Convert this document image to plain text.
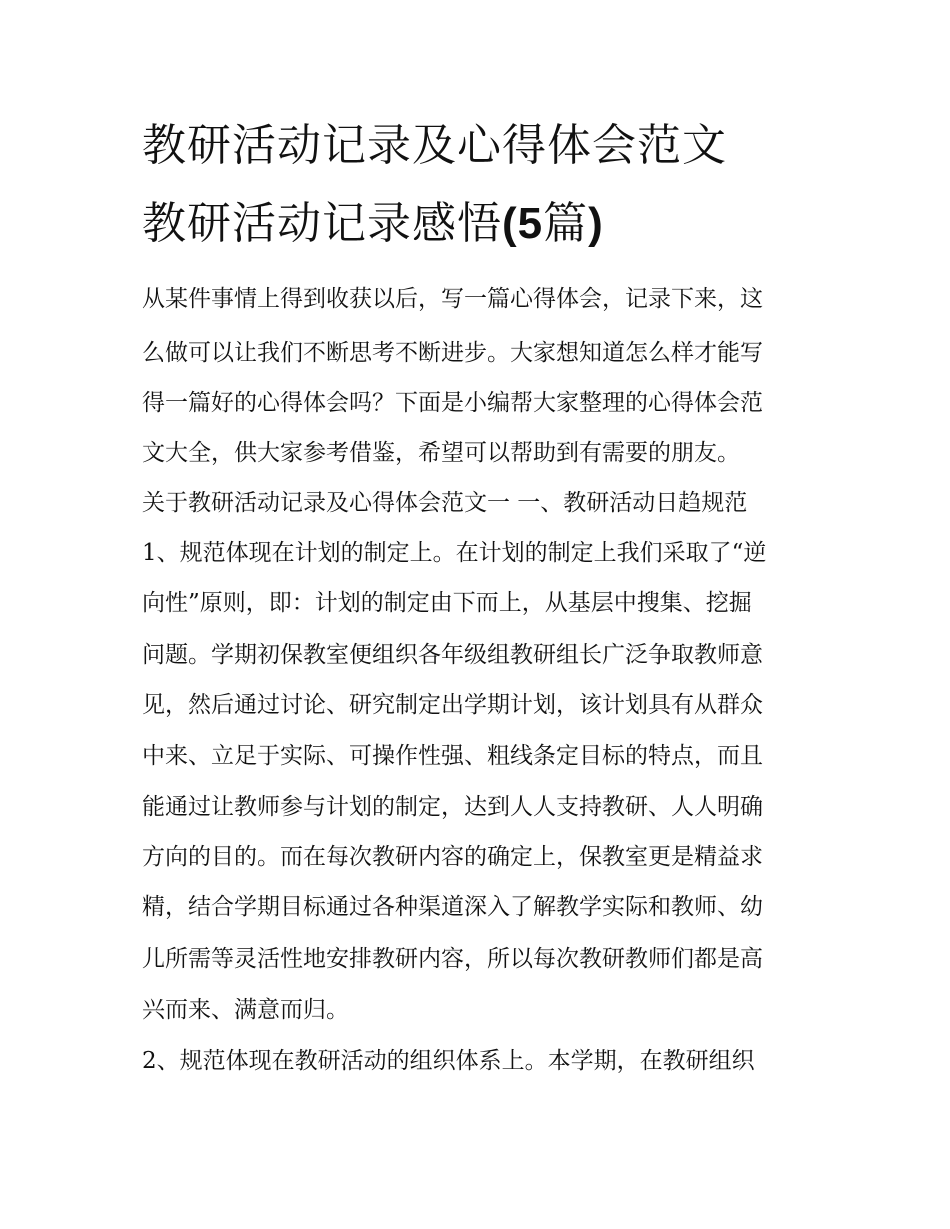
教研活动记录及心得体会范文
教研活动记录感悟(5篇)
从某件事情上得到收获以后，写一篇心得体会，记录下来，这
么做可以让我们不断思考不断进步。大家想知道怎么样才能写
得一篇好的心得体会吗？下面是小编帮大家整理的心得体会范
文大全，供大家参考借鉴，希望可以帮助到有需要的朋友。
关于教研活动记录及心得体会范文一 一、教研活动日趋规范
1、规范体现在计划的制定上。在计划的制定上我们采取了“逆
向性”原则，即：计划的制定由下而上，从基层中搜集、挖掘
问题。学期初保教室便组织各年级组教研组长广泛争取教师意
见，然后通过讨论、研究制定出学期计划，该计划具有从群众
中来、立足于实际、可操作性强、粗线条定目标的特点，而且
能通过让教师参与计划的制定，达到人人支持教研、人人明确
方向的目的。而在每次教研内容的确定上，保教室更是精益求
精，结合学期目标通过各种渠道深入了解教学实际和教师、幼
儿所需等灵活性地安排教研内容，所以每次教研教师们都是高
兴而来、满意而归。
2、规范体现在教研活动的组织体系上。本学期，在教研组织
